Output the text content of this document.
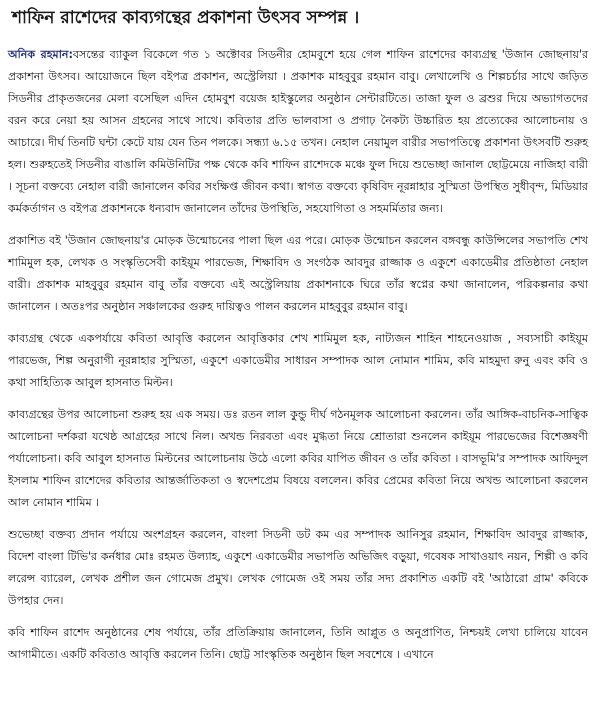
শাফিন রাশেদের কাব্যগন্থের প্রকাশনা উৎসব সম্পন্ন ।

অনিক রহমান:বসন্তের ব্যাকুল বিকেলে গত ১ অক্টোবর সিডনীর হোমবুশে হয়ে গেল শাফিন রাশেদের কাব্যগ্রন্থ 'উজান জোছনায়'র প্রকাশনা উৎসব। আয়োজনে ছিল বইপত্র প্রকাশন, অস্ট্রেলিয়া । প্রকাশক মাহবুবুর রহমান বাবু। লেখালেখি ও শিল্পচর্চার সাথে জড়িত সিডনীর প্রাকৃতজনের মেলা বসেছিল এদিন হোমবুশ বয়েজ হাইস্কুলের অনুষ্ঠান সেন্টারটিতে। তাজা ফুল ও ব্রশুর দিয়ে অভ্যাগতদের বরন করে নেয়া হয় আসন গ্রহনের সাথে সাথে। কবিতার প্রতি ভালবাসা ও প্রগাঢ় নৈকট্য উচ্চারিত হয় প্রত্যেকের আলোচনায় ও আচারে। দীর্ঘ তিনটি ঘন্টা কেটে যায় যেন তিন পলকে। সন্ধ্যা ৬.১৫ তখন। নেহাল নেয়ামুল বারীর সভাপতিত্বে প্রকাশনা উৎসবটি শুরুহ হল। শুরুহতেই সিডনীর বাঙালি কমিউনিটির পক্ষ থেকে কবি শাফিন রাশেদকে মঞ্চে ফুল দিয়ে শুভেচ্ছা জানাল ছোট্টমেয়ে নাজিহা বারী । সূচনা বক্তব্যে নেহাল বারী জানালেন কবির সংক্ষিপ্ত জীবন কথা। স্বাগত বক্তব্যে কৃষিবিদ নূরন্নাহার সুস্মিতা উপস্থিত সুধীবৃন্দ, মিডিয়ার কর্মকর্তাগন ও বইপত্র প্রকাশনকে ধন্যবাদ জানালেন তাঁদের উপস্থিতি, সহযোগিতা ও সহমর্মিতার জন্য।

প্রকাশিত বই 'উজান জোছনায়'র মোড়ক উন্মোচনের পালা ছিল এর পরে। মোড়ক উন্মোচন করলেন বঙ্গবন্ধু কাউন্সিলের সভাপতি শেখ শামিমুল হক, লেখক ও সংস্কৃতিসেবী কাইয়ূম পারভেজ, শিক্ষাবিদ ও সংগঠক আবদুর রাজ্জাক ও একুশে একাডেমীর প্রতিষ্ঠাতা নেহাল বারী। প্রকাশক মাহবুবুর রহমান বাবু তাঁর বক্তব্যে এই অস্ট্রেলিয়ায় প্রকাশনাকে ঘিরে তাঁর স্বপ্নের কথা জানালেন, পরিকল্পনার কথা জানালেন । অতঃপর অনুষ্ঠান সঞ্চালকের গুরুহ দায়িত্বও পালন করলেন মাহবুবুর রহমান বাবু।

কাব্যগ্রন্থ থেকে একপর্যায়ে কবিতা আবৃত্তি করলেন আবৃত্তিকার শেখ শামিমুল হক, নাট্যজন শাহিন শাহনেওয়াজ , সব্যসাচী কাইয়ূম পারভেজ, শিল্প অনুরাগী নূরন্নাহার সুস্মিতা, একুশে একাডেমীর সাধারন সম্পাদক আল নোমান শামিম, কবি মাহমুদা রুনু এবং কবি ও কথা সাহিত্যিক আবুল হাসনাত মিল্টন।

কাব্যগ্রন্থের উপর আলোচনা শুরুহ হয় এক সময়। ডঃ রতন লাল কুন্ডু দীর্ঘ গঠনমূলক আলোচনা করলেন। তাঁর আঙ্গিক-বাচনিক-সাত্বিক আলোচনা দর্শকরা যথেষ্ঠ আগ্রহের সাথে নিল। অখন্ড নিরবতা এবং মুগ্ধতা নিয়ে শ্রোতারা শুনলেন কাইয়ূম পারভেজের বিশেজ্ঞষণী পর্যালোচনা। কবি আবুল হাসনাত মিল্টনের আলোচনায় উঠে এলো কবির যাপিত জীবন ও তাঁর কবিতা । বাসভূমি'র সম্পাদক আফিদুল ইসলাম শাফিন রাশেদের কবিতার আন্তর্জাতিকতা ও স্বদেশপ্রেম বিষয়ে বললেন। কবির প্রেমের কবিতা নিয়ে অখন্ড আলোচনা করলেন আল নোমান শামিম ।

শুভেচ্ছা বক্তব্য প্রদান পর্যায়ে অংশগ্রহন করলেন, বাংলা সিডনী ডট কম এর সম্পাদক আনিসুর রহমান, শিক্ষাবিদ আবদুর রাজ্জাক, বিদেশ বাংলা টিভি'র কর্নধার মোঃ রহমত উল্যাহ, একুশে একাডেমীর সভাপতি অভিজিৎ বড়ুয়া, গবেষক সাখাওয়াৎ নয়ন, শিল্পী ও কবি লরেন্স ব্যারেল, লেখক প্রশীল জন গোমেজ প্রমুখ। লেখক গোমেজ ওই সময় তাঁর সদ্য প্রকাশিত একটি বই 'আঠারো গ্রাম' কবিকে উপহার দেন।

কবি শাফিন রাশেদ অনুষ্ঠানের শেষ পর্যায়ে, তাঁর প্রতিক্রিয়ায় জানালেন, তিনি আপ্লুত ও অনুপ্রাণিত, নিশ্চয়ই লেখা চালিয়ে যাবেন আগামীতে। একটি কবিতাও আবৃত্তি করলেন তিনি। ছোট্ট সাংস্কৃতিক অনুষ্ঠান ছিল সবশেষে । এখানে
